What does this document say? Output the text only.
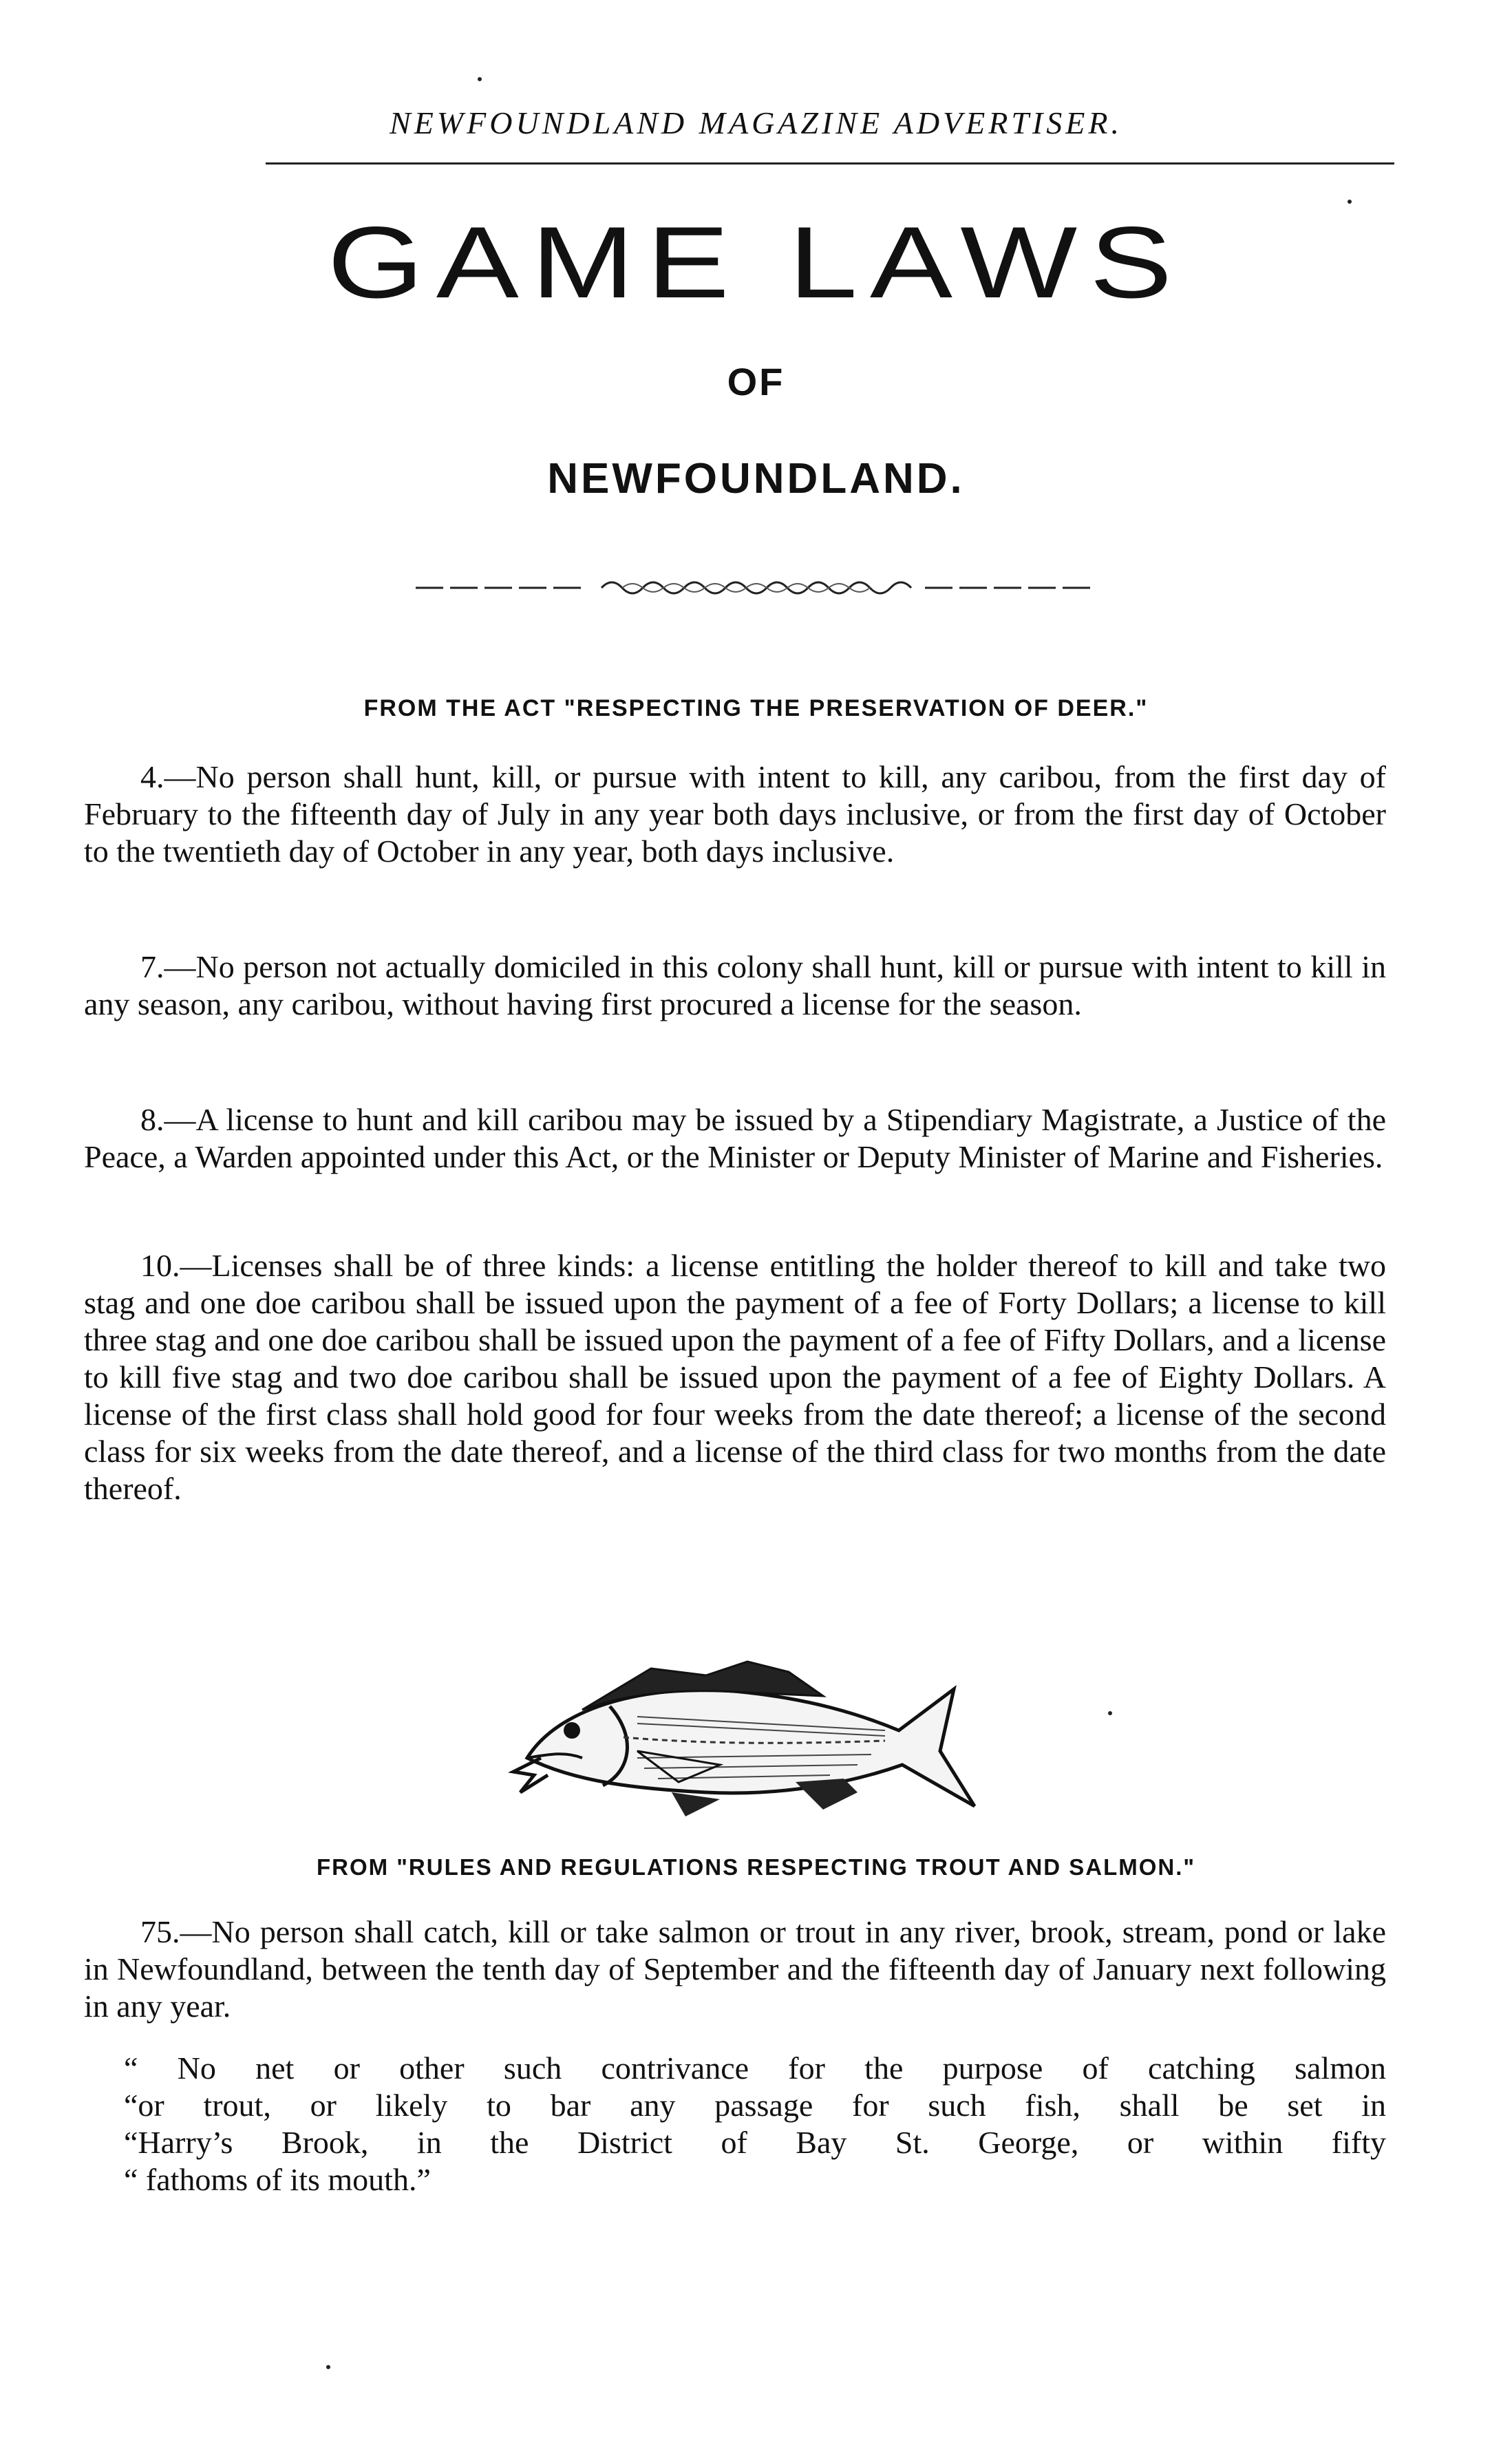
NEWFOUNDLAND MAGAZINE ADVERTISER.
GAME LAWS
OF
NEWFOUNDLAND.
FROM THE ACT "RESPECTING THE PRESERVATION OF DEER."

4.—No person shall hunt, kill, or pursue with intent to kill, any caribou, from the first day of February to the fifteenth day of July in any year both days inclusive, or from the first day of October to the twentieth day of October in any year, both days inclusive.

7.—No person not actually domiciled in this colony shall hunt, kill or pursue with intent to kill in any season, any caribou, without having first procured a license for the season.

8.—A license to hunt and kill caribou may be issued by a Stipendiary Magistrate, a Justice of the Peace, a Warden appointed under this Act, or the Minister or Deputy Minister of Marine and Fisheries.

10.—Licenses shall be of three kinds: a license entitling the holder thereof to kill and take two stag and one doe caribou shall be issued upon the payment of a fee of Forty Dollars; a license to kill three stag and one doe caribou shall be issued upon the payment of a fee of Fifty Dollars, and a license to kill five stag and two doe caribou shall be issued upon the payment of a fee of Eighty Dollars. A license of the first class shall hold good for four weeks from the date thereof; a license of the second class for six weeks from the date thereof, and a license of the third class for two months from the date thereof.

FROM "RULES AND REGULATIONS RESPECTING TROUT AND SALMON."

75.—No person shall catch, kill or take salmon or trout in any river, brook, stream, pond or lake in Newfoundland, between the tenth day of September and the fifteenth day of January next following in any year.

“ No net or other such contrivance for the purpose of catching salmon
“or trout, or likely to bar any passage for such fish, shall be set in
“Harry’s Brook, in the District of Bay St. George, or within fifty
“ fathoms of its mouth.”
